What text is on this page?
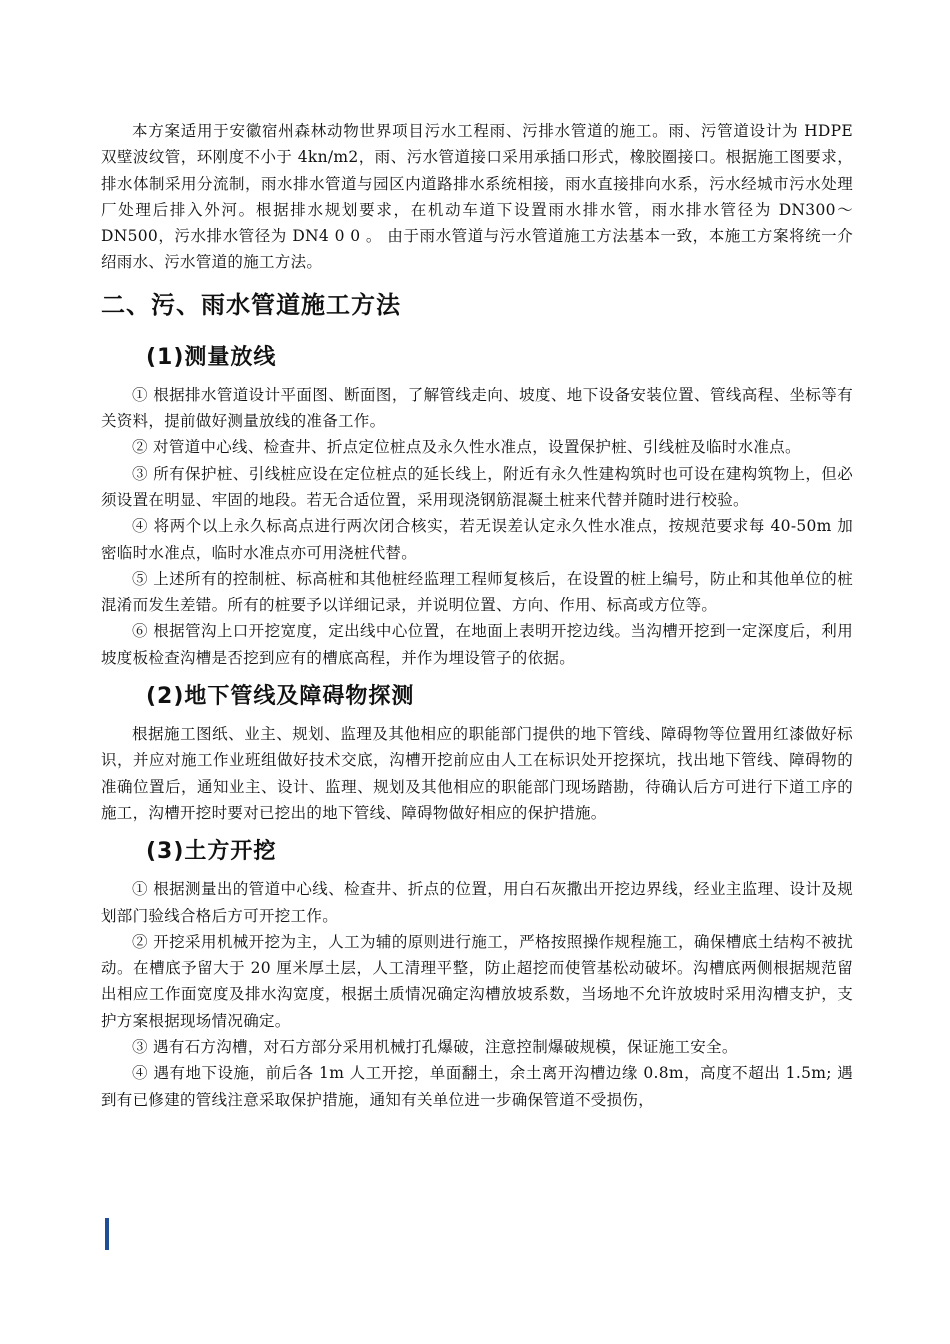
本方案适用于安徽宿州森林动物世界项目污水工程雨、污排水管道的施工。雨、污管道设计为 HDPE 双壁波纹管，环刚度不小于 4kn/m2，雨、污水管道接口采用承插口形式，橡胶圈接口。根据施工图要求，排水体制采用分流制，雨水排水管道与园区内道路排水系统相接，雨水直接排向水系，污水经城市污水处理厂处理后排入外河。根据排水规划要求，在机动车道下设置雨水排水管，雨水排水管径为 DN300～DN500，污水排水管径为 DN4 0 0 。 由于雨水管道与污水管道施工方法基本一致，本施工方案将统一介绍雨水、污水管道的施工方法。

二、污、雨水管道施工方法
(1)测量放线

① 根据排水管道设计平面图、断面图，了解管线走向、坡度、地下设备安装位置、管线高程、坐标等有关资料，提前做好测量放线的准备工作。

② 对管道中心线、检查井、折点定位桩点及永久性水准点，设置保护桩、引线桩及临时水准点。

③ 所有保护桩、引线桩应设在定位桩点的延长线上，附近有永久性建构筑时也可设在建构筑物上，但必须设置在明显、牢固的地段。若无合适位置，采用现浇钢筋混凝土桩来代替并随时进行校验。

④ 将两个以上永久标高点进行两次闭合核实，若无误差认定永久性水准点，按规范要求每 40-50m 加密临时水准点，临时水准点亦可用浇桩代替。

⑤ 上述所有的控制桩、标高桩和其他桩经监理工程师复核后，在设置的桩上编号，防止和其他单位的桩混淆而发生差错。所有的桩要予以详细记录，并说明位置、方向、作用、标高或方位等。

⑥ 根据管沟上口开挖宽度，定出线中心位置，在地面上表明开挖边线。当沟槽开挖到一定深度后，利用坡度板检查沟槽是否挖到应有的槽底高程，并作为埋设管子的依据。

(2)地下管线及障碍物探测

根据施工图纸、业主、规划、监理及其他相应的职能部门提供的地下管线、障碍物等位置用红漆做好标识，并应对施工作业班组做好技术交底，沟槽开挖前应由人工在标识处开挖探坑，找出地下管线、障碍物的准确位置后，通知业主、设计、监理、规划及其他相应的职能部门现场踏勘，待确认后方可进行下道工序的施工，沟槽开挖时要对已挖出的地下管线、障碍物做好相应的保护措施。

(3)土方开挖

① 根据测量出的管道中心线、检查井、折点的位置，用白石灰撒出开挖边界线，经业主监理、设计及规划部门验线合格后方可开挖工作。

② 开挖采用机械开挖为主，人工为辅的原则进行施工，严格按照操作规程施工，确保槽底土结构不被扰动。在槽底予留大于 20 厘米厚土层，人工清理平整，防止超挖而使管基松动破坏。沟槽底两侧根据规范留出相应工作面宽度及排水沟宽度，根据土质情况确定沟槽放坡系数，当场地不允许放坡时采用沟槽支护，支护方案根据现场情况确定。

③ 遇有石方沟槽，对石方部分采用机械打孔爆破，注意控制爆破规模，保证施工安全。

④ 遇有地下设施，前后各 1m 人工开挖，单面翻土，余土离开沟槽边缘 0.8m，高度不超出 1.5m; 遇到有已修建的管线注意采取保护措施，通知有关单位进一步确保管道不受损伤，
